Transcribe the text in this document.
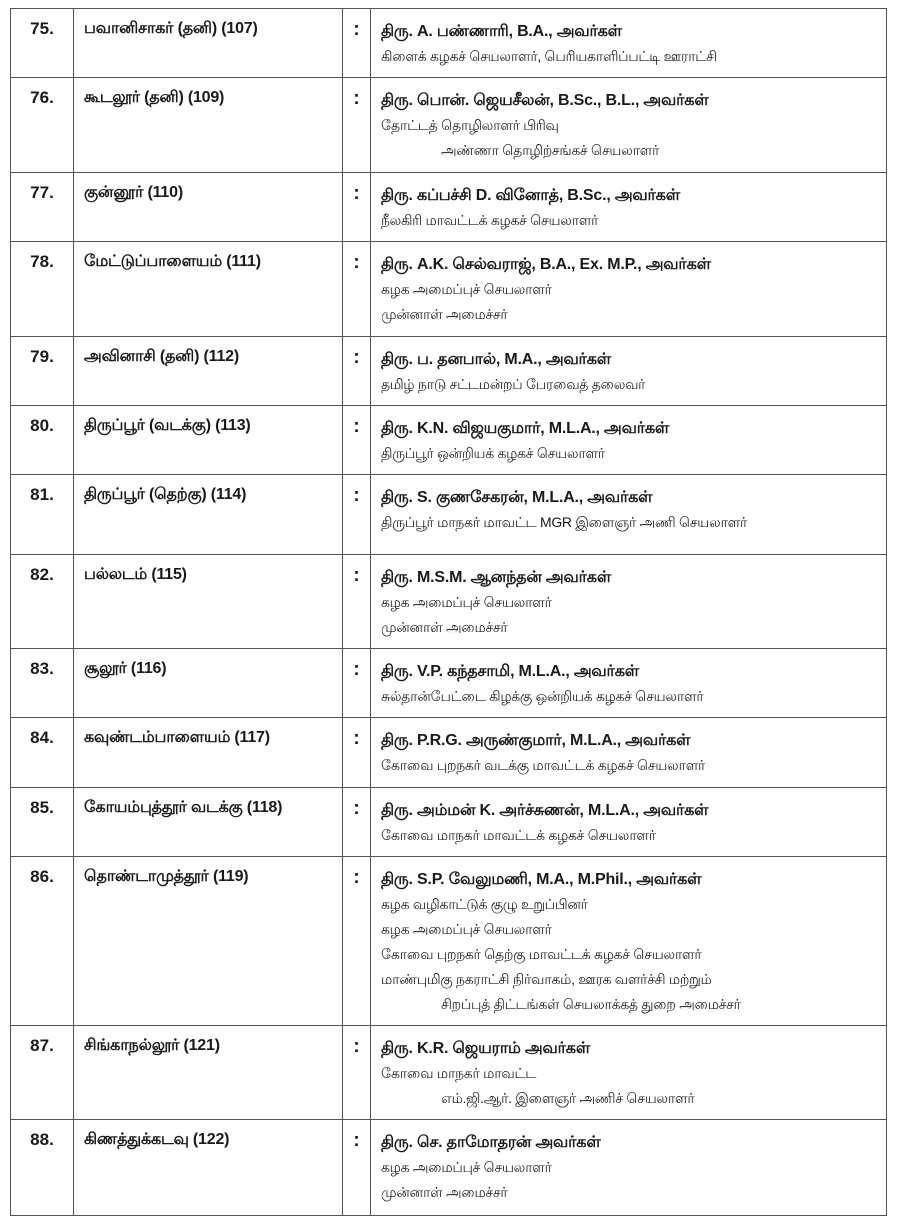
75.	பவானிசாகர் (தனி) (107)	:	திரு. A. பண்ணாரி, B.A., அவர்கள்
கிளைக் கழகச் செயலாளர், பெரியகாளிப்பட்டி ஊராட்சி

76.	கூடலூர் (தனி) (109)	:	திரு. பொன். ஜெயசீலன், B.Sc., B.L., அவர்கள்
தோட்டத் தொழிலாளர் பிரிவு
அண்ணா தொழிற்சங்கச் செயலாளர்

77.	குன்னூர் (110)	:	திரு. கப்பச்சி D. வினோத், B.Sc., அவர்கள்
நீலகிரி மாவட்டக் கழகச் செயலாளர்

78.	மேட்டுப்பாளையம் (111)	:	திரு. A.K. செல்வராஜ், B.A., Ex. M.P., அவர்கள்
கழக அமைப்புச் செயலாளர்
முன்னாள் அமைச்சர்

79.	அவினாசி (தனி) (112)	:	திரு. ப. தனபால், M.A., அவர்கள்
தமிழ் நாடு சட்டமன்றப் பேரவைத் தலைவர்

80.	திருப்பூர் (வடக்கு) (113)	:	திரு. K.N. விஜயகுமார், M.L.A., அவர்கள்
திருப்பூர் ஒன்றியக் கழகச் செயலாளர்

81.	திருப்பூர் (தெற்கு) (114)	:	திரு. S. குணசேகரன், M.L.A., அவர்கள்
திருப்பூர் மாநகர் மாவட்ட MGR இளைஞர் அணி செயலாளர்

82.	பல்லடம் (115)	:	திரு. M.S.M. ஆனந்தன் அவர்கள்
கழக அமைப்புச் செயலாளர்
முன்னாள் அமைச்சர்

83.	சூலூர் (116)	:	திரு. V.P. கந்தசாமி, M.L.A., அவர்கள்
சுல்தான்பேட்டை கிழக்கு ஒன்றியக் கழகச் செயலாளர்

84.	கவுண்டம்பாளையம் (117)	:	திரு. P.R.G. அருண்குமார், M.L.A., அவர்கள்
கோவை புறநகர் வடக்கு மாவட்டக் கழகச் செயலாளர்

85.	கோயம்புத்தூர் வடக்கு (118)	:	திரு. அம்மன் K. அர்ச்சுணன், M.L.A., அவர்கள்
கோவை மாநகர் மாவட்டக் கழகச் செயலாளர்

86.	தொண்டாமுத்தூர் (119)	:	திரு. S.P. வேலுமணி, M.A., M.Phil., அவர்கள்
கழக வழிகாட்டுக் குழு உறுப்பினர்
கழக அமைப்புச் செயலாளர்
கோவை புறநகர் தெற்கு மாவட்டக் கழகச் செயலாளர்
மாண்புமிகு நகராட்சி நிர்வாகம், ஊரக வளர்ச்சி மற்றும்
சிறப்புத் திட்டங்கள் செயலாக்கத் துறை அமைச்சர்

87.	சிங்காநல்லூர் (121)	:	திரு. K.R. ஜெயராம் அவர்கள்
கோவை மாநகர் மாவட்ட
எம்.ஜி.ஆர். இளைஞர் அணிச் செயலாளர்

88.	கிணத்துக்கடவு (122)	:	திரு. செ. தாமோதரன் அவர்கள்
கழக அமைப்புச் செயலாளர்
முன்னாள் அமைச்சர்
